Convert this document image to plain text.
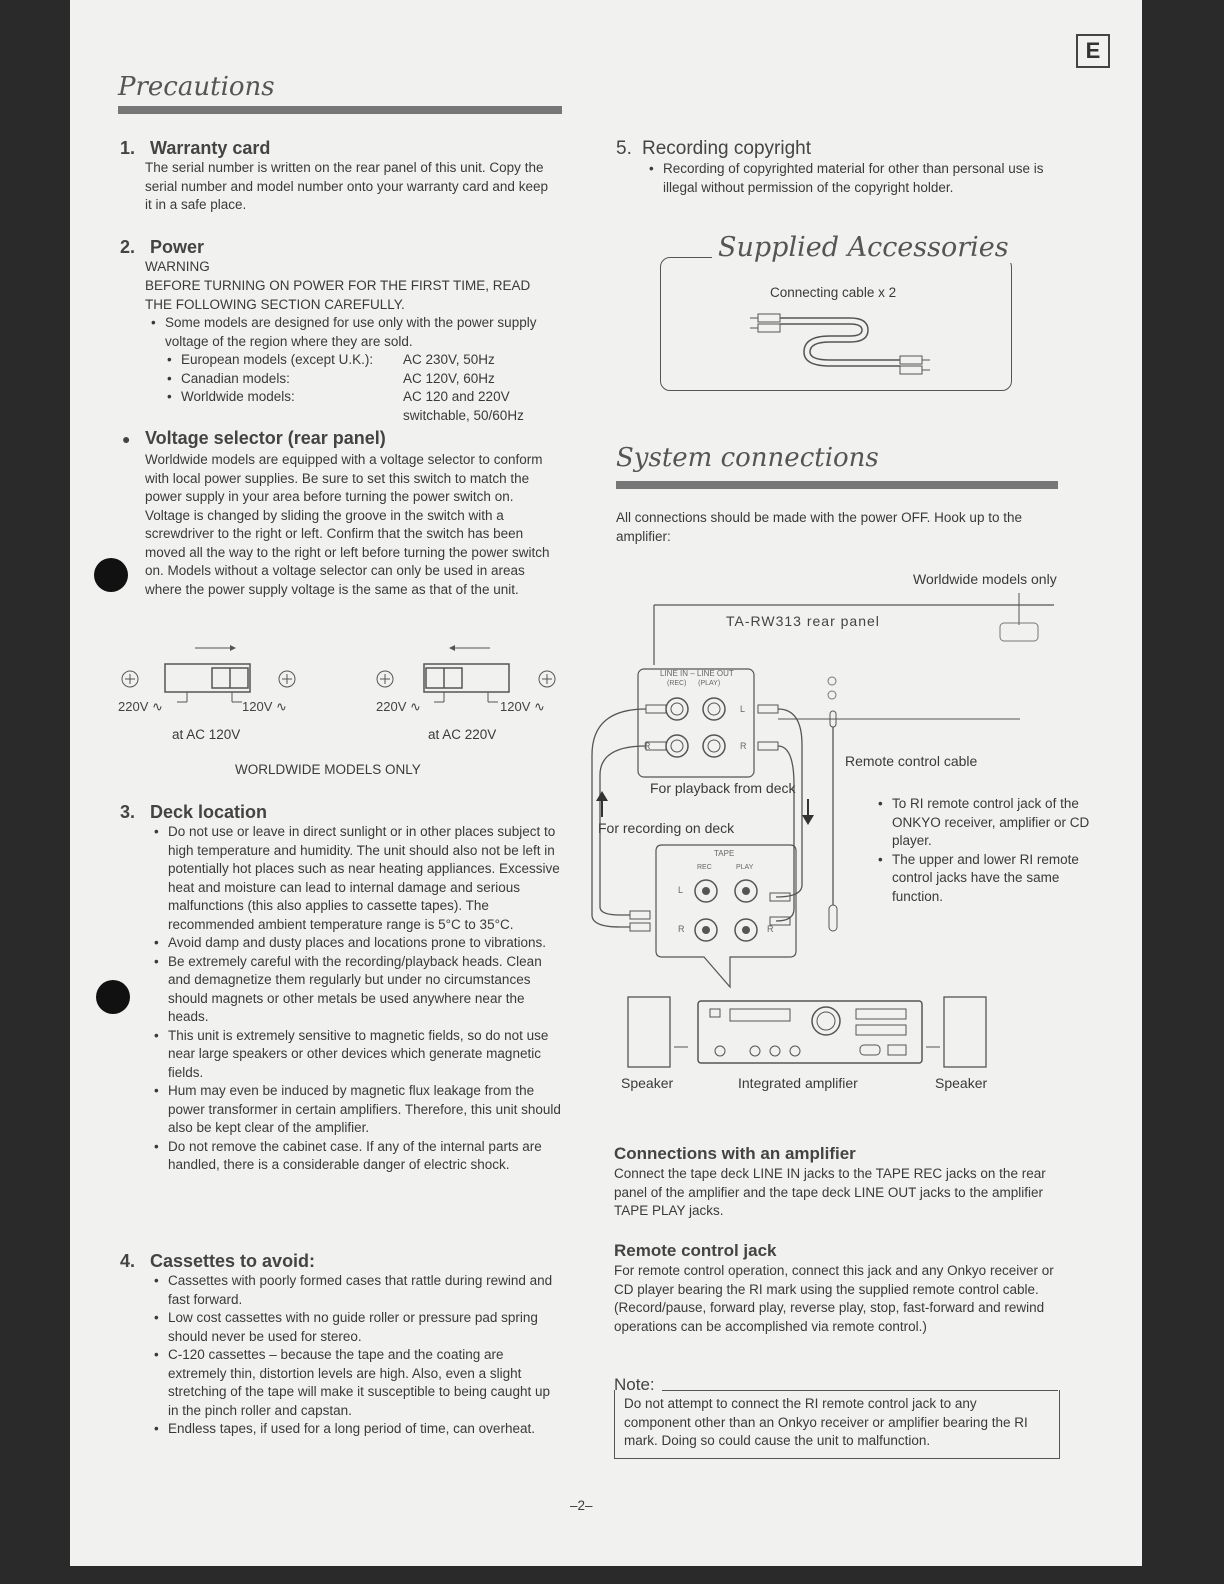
E
Precautions
1. Warranty card
The serial number is written on the rear panel of this unit. Copy the serial number and model number onto your warranty card and keep it in a safe place.
2. Power
WARNING
BEFORE TURNING ON POWER FOR THE FIRST TIME, READ THE FOLLOWING SECTION CAREFULLY.
• Some models are designed for use only with the power supply voltage of the region where they are sold.
• European models (except U.K.):	AC 230V, 50Hz
• Canadian models:	AC 120V, 60Hz
• Worldwide models:	AC 120 and 220V switchable, 50/60Hz
● Voltage selector (rear panel)
Worldwide models are equipped with a voltage selector to conform with local power supplies. Be sure to set this switch to match the power supply in your area before turning the power switch on. Voltage is changed by sliding the groove in the switch with a screwdriver to the right or left. Confirm that the switch has been moved all the way to the right or left before turning the power switch on. Models without a voltage selector can only be used in areas where the power supply voltage is the same as that of the unit.
220V ∿	120V ∿	220V ∿	120V ∿
at AC 120V	at AC 220V
WORLDWIDE MODELS ONLY
3. Deck location
• Do not use or leave in direct sunlight or in other places subject to high temperature and humidity. The unit should also not be left in potentially hot places such as near heating appliances. Excessive heat and moisture can lead to internal damage and serious malfunctions (this also applies to cassette tapes). The recommended ambient temperature range is 5°C to 35°C.
• Avoid damp and dusty places and locations prone to vibrations.
• Be extremely careful with the recording/playback heads. Clean and demagnetize them regularly but under no circumstances should magnets or other metals be used anywhere near the heads.
• This unit is extremely sensitive to magnetic fields, so do not use near large speakers or other devices which generate magnetic fields.
• Hum may even be induced by magnetic flux leakage from the power transformer in certain amplifiers. Therefore, this unit should also be kept clear of the amplifier.
• Do not remove the cabinet case. If any of the internal parts are handled, there is a considerable danger of electric shock.
4. Cassettes to avoid:
• Cassettes with poorly formed cases that rattle during rewind and fast forward.
• Low cost cassettes with no guide roller or pressure pad spring should never be used for stereo.
• C-120 cassettes – because the tape and the coating are extremely thin, distortion levels are high. Also, even a slight stretching of the tape will make it susceptible to being caught up in the pinch roller and capstan.
• Endless tapes, if used for a long period of time, can overheat.
5. Recording copyright
• Recording of copyrighted material for other than personal use is illegal without permission of the copyright holder.
Supplied Accessories
Connecting cable x 2
System connections
All connections should be made with the power OFF. Hook up to the amplifier:
Worldwide models only
TA-RW313 rear panel
LINE IN – LINE OUT
(REC)      (PLAY)
L
R	R
Remote control cable
For playback from deck
For recording on deck
TAPE
REC	PLAY
L
R	R
• To RI remote control jack of the ONKYO receiver, amplifier or CD player.
• The upper and lower RI remote control jacks have the same function.
Speaker	Integrated amplifier	Speaker
Connections with an amplifier
Connect the tape deck LINE IN jacks to the TAPE REC jacks on the rear panel of the amplifier and the tape deck LINE OUT jacks to the amplifier TAPE PLAY jacks.
Remote control jack
For remote control operation, connect this jack and any Onkyo receiver or CD player bearing the RI mark using the supplied remote control cable. (Record/pause, forward play, reverse play, stop, fast-forward and rewind operations can be accomplished via remote control.)
Note:
Do not attempt to connect the RI remote control jack to any component other than an Onkyo receiver or amplifier bearing the RI mark. Doing so could cause the unit to malfunction.
–2–
